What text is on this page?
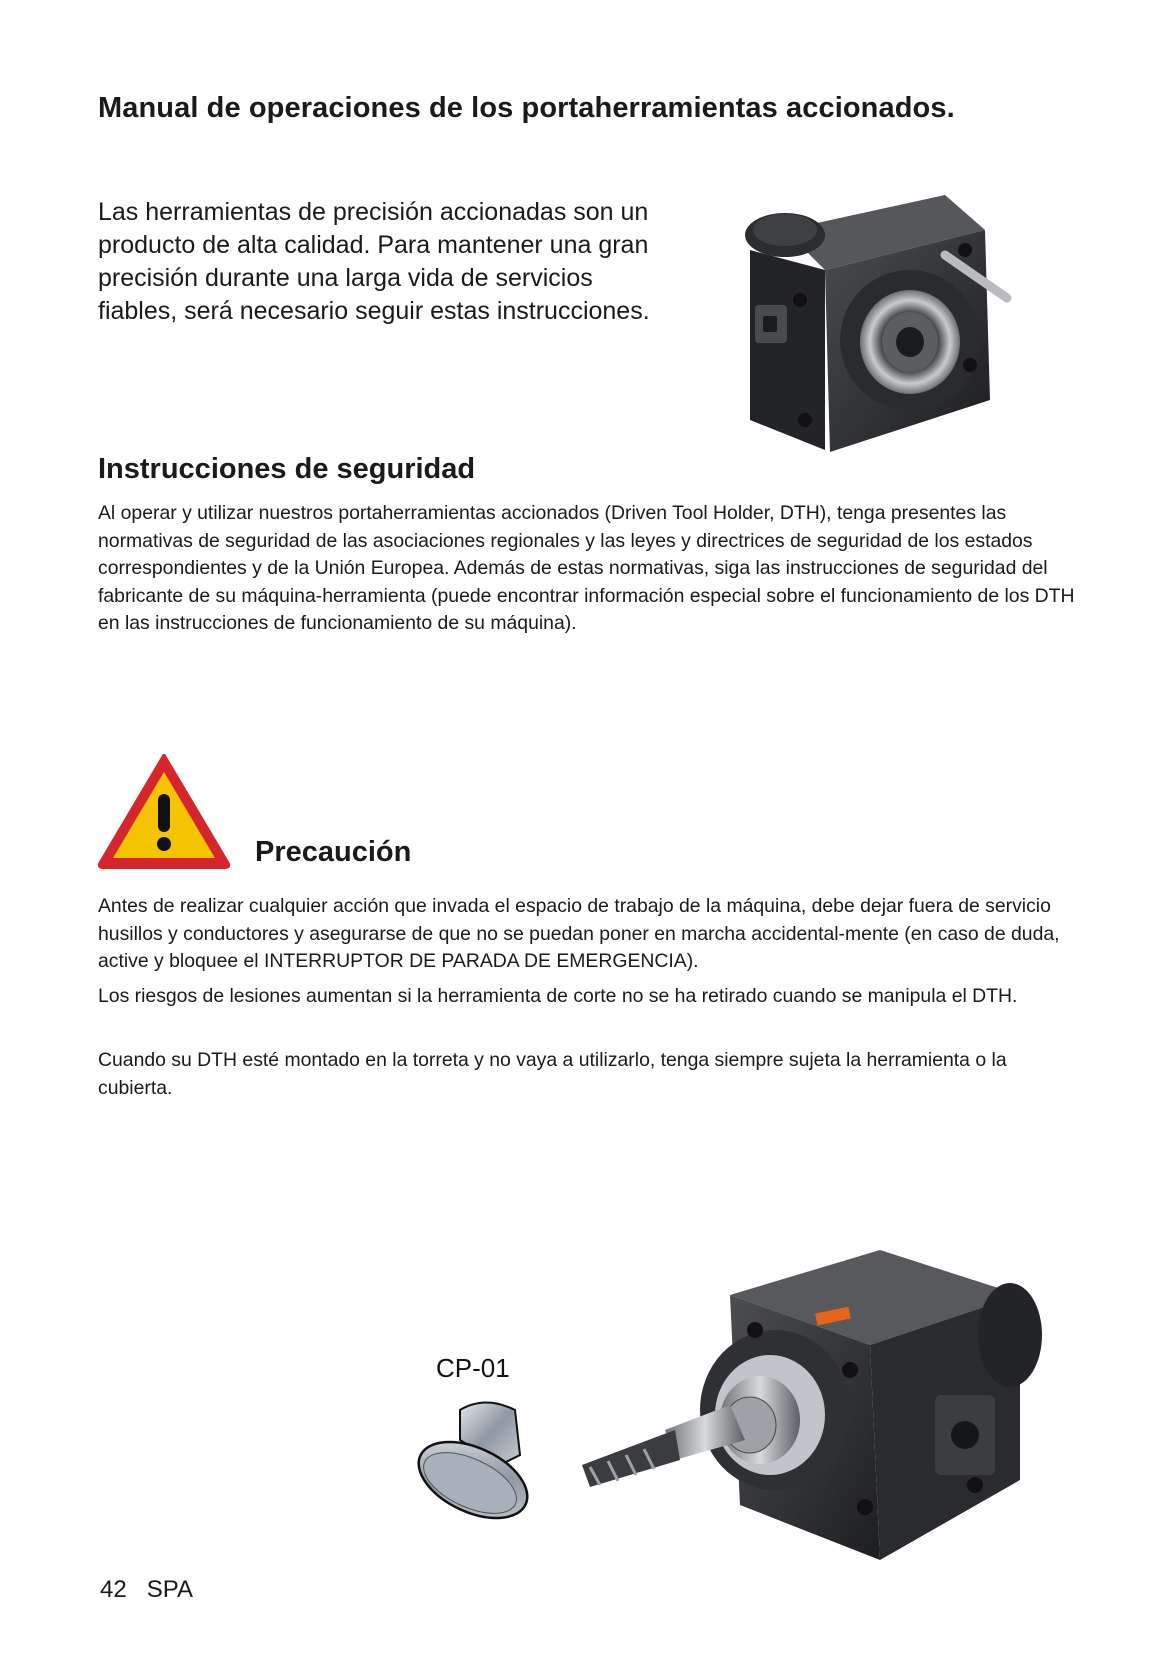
Manual de operaciones de los portaherramientas accionados.

Las herramientas de precisión accionadas son un producto de alta calidad. Para mantener una gran precisión durante una larga vida de servicios fiables, será necesario seguir estas instrucciones.

Instrucciones de seguridad

Al operar y utilizar nuestros portaherramientas accionados (Driven Tool Holder, DTH), tenga presentes las normativas de seguridad de las asociaciones regionales y las leyes y directrices de seguridad de los estados correspondientes y de la Unión Europea. Además de estas normativas, siga las instrucciones de seguridad del fabricante de su máquina-herramienta (puede encontrar información especial sobre el funcionamiento de los DTH en las instrucciones de funcionamiento de su máquina).

Precaución

Antes de realizar cualquier acción que invada el espacio de trabajo de la máquina, debe dejar fuera de servicio husillos y conductores y asegurarse de que no se puedan poner en marcha accidental-mente (en caso de duda, active y bloquee el INTERRUPTOR DE PARADA DE EMERGENCIA).

Los riesgos de lesiones aumentan si la herramienta de corte no se ha retirado cuando se manipula el DTH.

Cuando su DTH esté montado en la torreta y no vaya a utilizarlo, tenga siempre sujeta la herramienta o la cubierta.

CP-01
42 SPA
